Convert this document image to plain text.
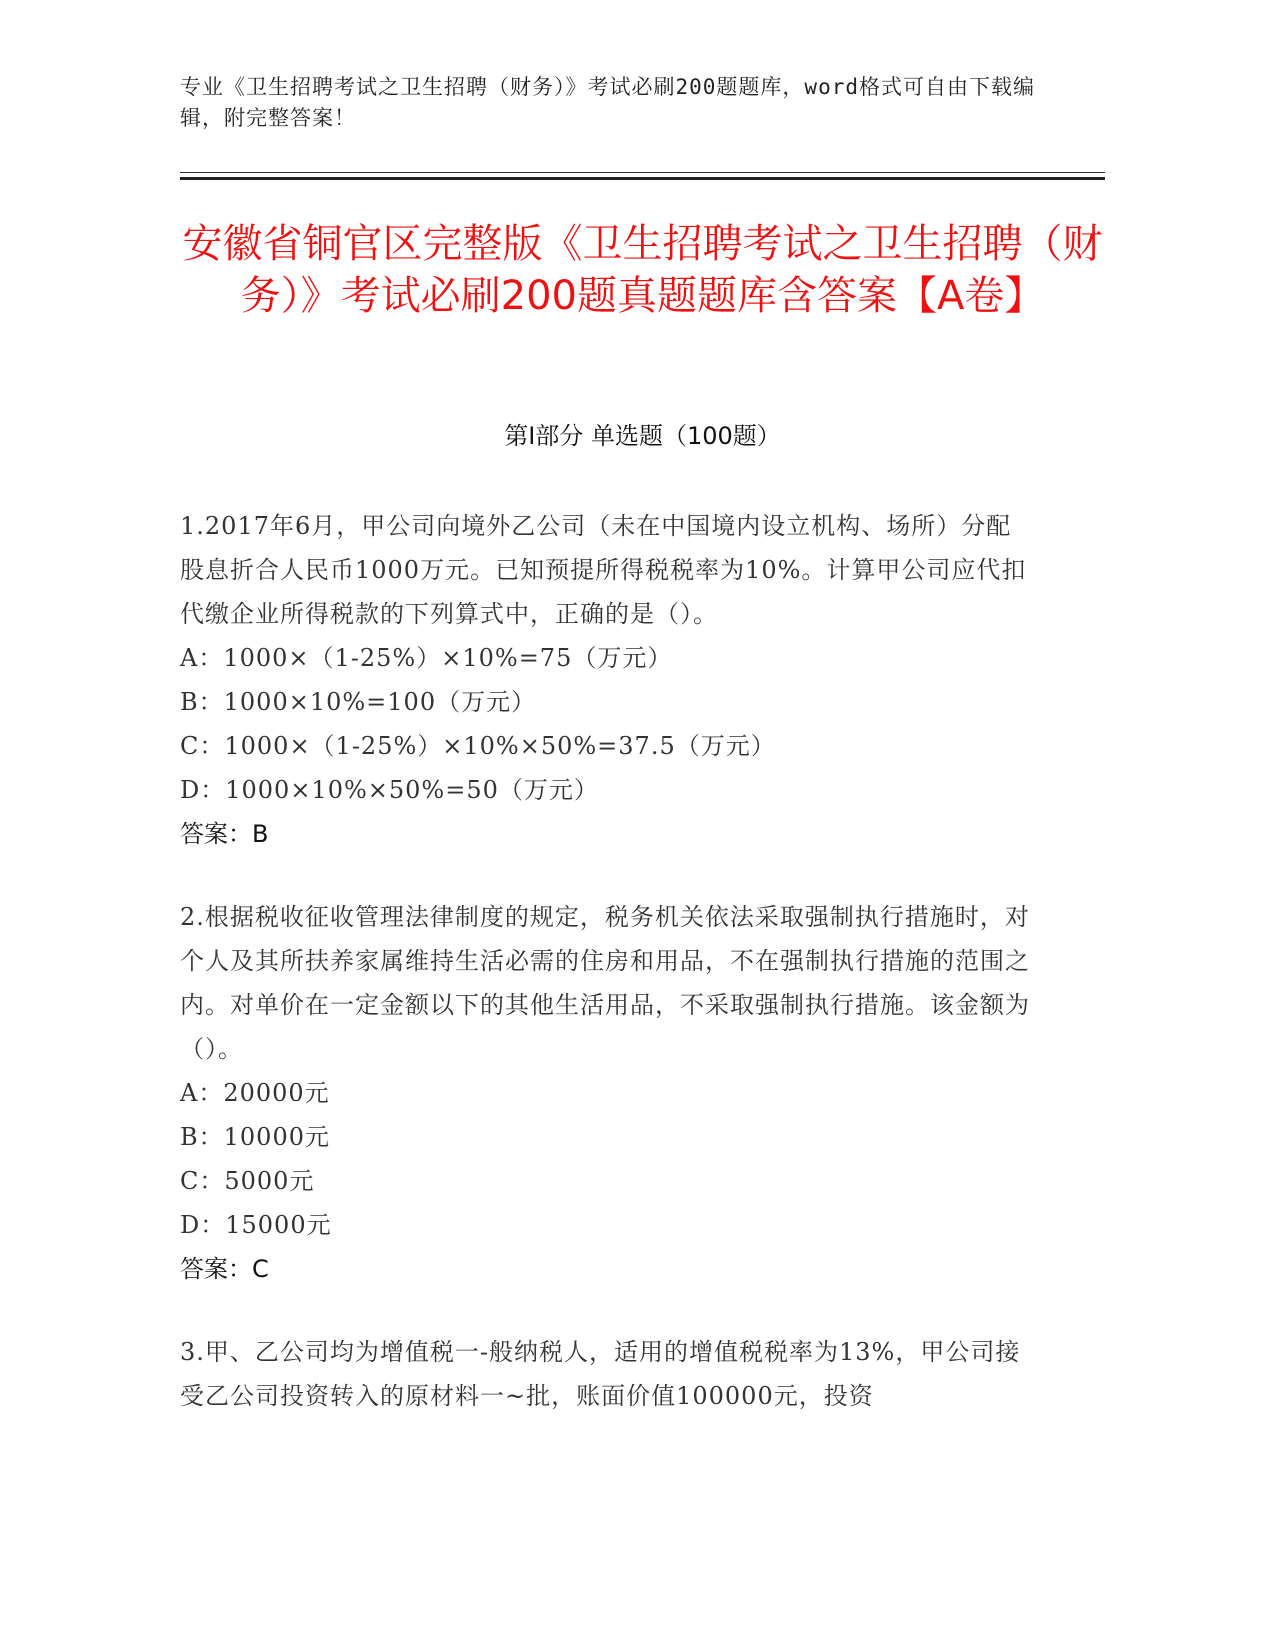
专业《卫生招聘考试之卫生招聘（财务）》考试必刷200题题库，word格式可自由下载编辑，附完整答案！
安徽省铜官区完整版《卫生招聘考试之卫生招聘（财务）》考试必刷200题真题题库含答案【A卷】
第Ⅰ部分 单选题（100题）
1.2017年6月，甲公司向境外乙公司（未在中国境内设立机构、场所）分配股息折合人民币1000万元。已知预提所得税税率为10%。计算甲公司应代扣代缴企业所得税款的下列算式中，正确的是（）。
A：1000×（1-25%）×10%=75（万元）
B：1000×10%=100（万元）
C：1000×（1-25%）×10%×50%=37.5（万元）
D：1000×10%×50%=50（万元）
答案：B
2.根据税收征收管理法律制度的规定，税务机关依法采取强制执行措施时，对个人及其所扶养家属维持生活必需的住房和用品，不在强制执行措施的范围之内。对单价在一定金额以下的其他生活用品，不采取强制执行措施。该金额为（）。
A：20000元
B：10000元
C：5000元
D：15000元
答案：C
3.甲、乙公司均为增值税一-般纳税人，适用的增值税税率为13%，甲公司接受乙公司投资转入的原材料一~批，账面价值100000元，投资
